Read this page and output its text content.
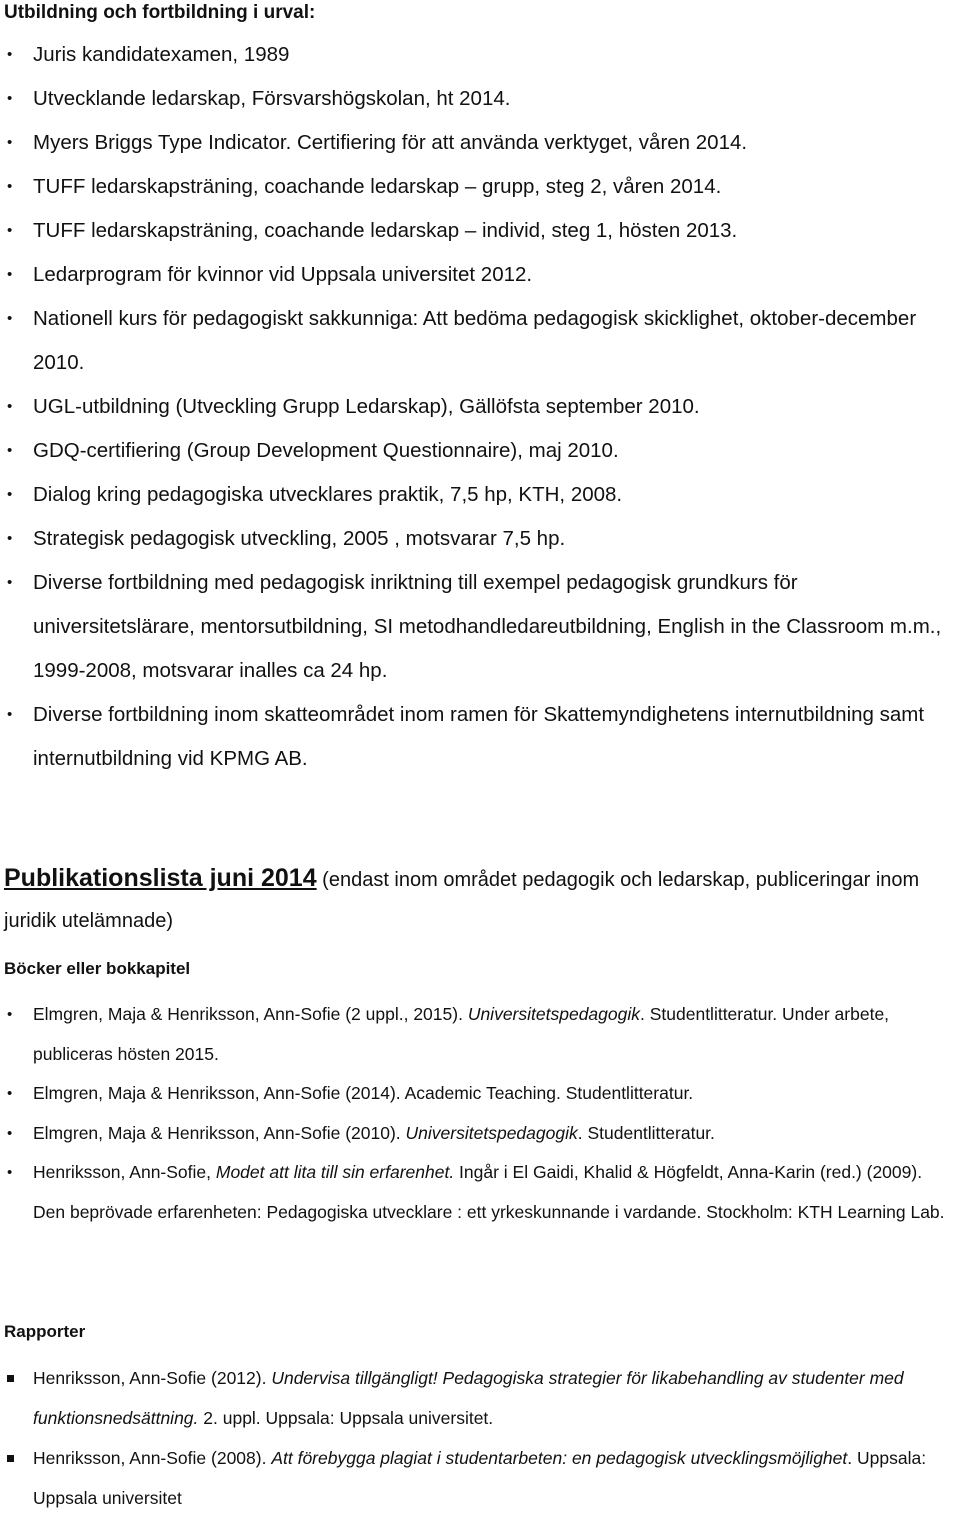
Utbildning och fortbildning i urval:
• Juris kandidatexamen, 1989
• Utvecklande ledarskap, Försvarshögskolan, ht 2014.
• Myers Briggs Type Indicator. Certifiering för att använda verktyget, våren 2014.
• TUFF ledarskapsträning, coachande ledarskap – grupp, steg 2, våren 2014.
• TUFF ledarskapsträning, coachande ledarskap – individ, steg 1, hösten 2013.
• Ledarprogram för kvinnor vid Uppsala universitet 2012.
• Nationell kurs för pedagogiskt sakkunniga: Att bedöma pedagogisk skicklighet, oktober-december 2010.
• UGL-utbildning (Utveckling Grupp Ledarskap), Gällöfsta september 2010.
• GDQ-certifiering (Group Development Questionnaire), maj 2010.
• Dialog kring pedagogiska utvecklares praktik, 7,5 hp, KTH, 2008.
• Strategisk pedagogisk utveckling, 2005 , motsvarar 7,5 hp.
• Diverse fortbildning med pedagogisk inriktning till exempel pedagogisk grundkurs för universitetslärare, mentorsutbildning, SI metodhandledareutbildning, English in the Classroom m.m., 1999-2008, motsvarar inalles ca 24 hp.
• Diverse fortbildning inom skatteområdet inom ramen för Skattemyndighetens internutbildning samt internutbildning vid KPMG AB.
Publikationslista juni 2014 (endast inom området pedagogik och ledarskap, publiceringar inom juridik utelämnade)
Böcker eller bokkapitel
• Elmgren, Maja & Henriksson, Ann-Sofie (2 uppl., 2015). Universitetspedagogik. Studentlitteratur. Under arbete, publiceras hösten 2015.
• Elmgren, Maja & Henriksson, Ann-Sofie (2014). Academic Teaching. Studentlitteratur.
• Elmgren, Maja & Henriksson, Ann-Sofie (2010). Universitetspedagogik. Studentlitteratur.
• Henriksson, Ann-Sofie, Modet att lita till sin erfarenhet. Ingår i El Gaidi, Khalid & Högfeldt, Anna-Karin (red.) (2009). Den beprövade erfarenheten: Pedagogiska utvecklare : ett yrkeskunnande i vardande. Stockholm: KTH Learning Lab.
Rapporter
Henriksson, Ann-Sofie (2012). Undervisa tillgängligt! Pedagogiska strategier för likabehandling av studenter med funktionsnedsättning. 2. uppl. Uppsala: Uppsala universitet.
Henriksson, Ann-Sofie (2008). Att förebygga plagiat i studentarbeten: en pedagogisk utvecklingsmöjlighet. Uppsala: Uppsala universitet
